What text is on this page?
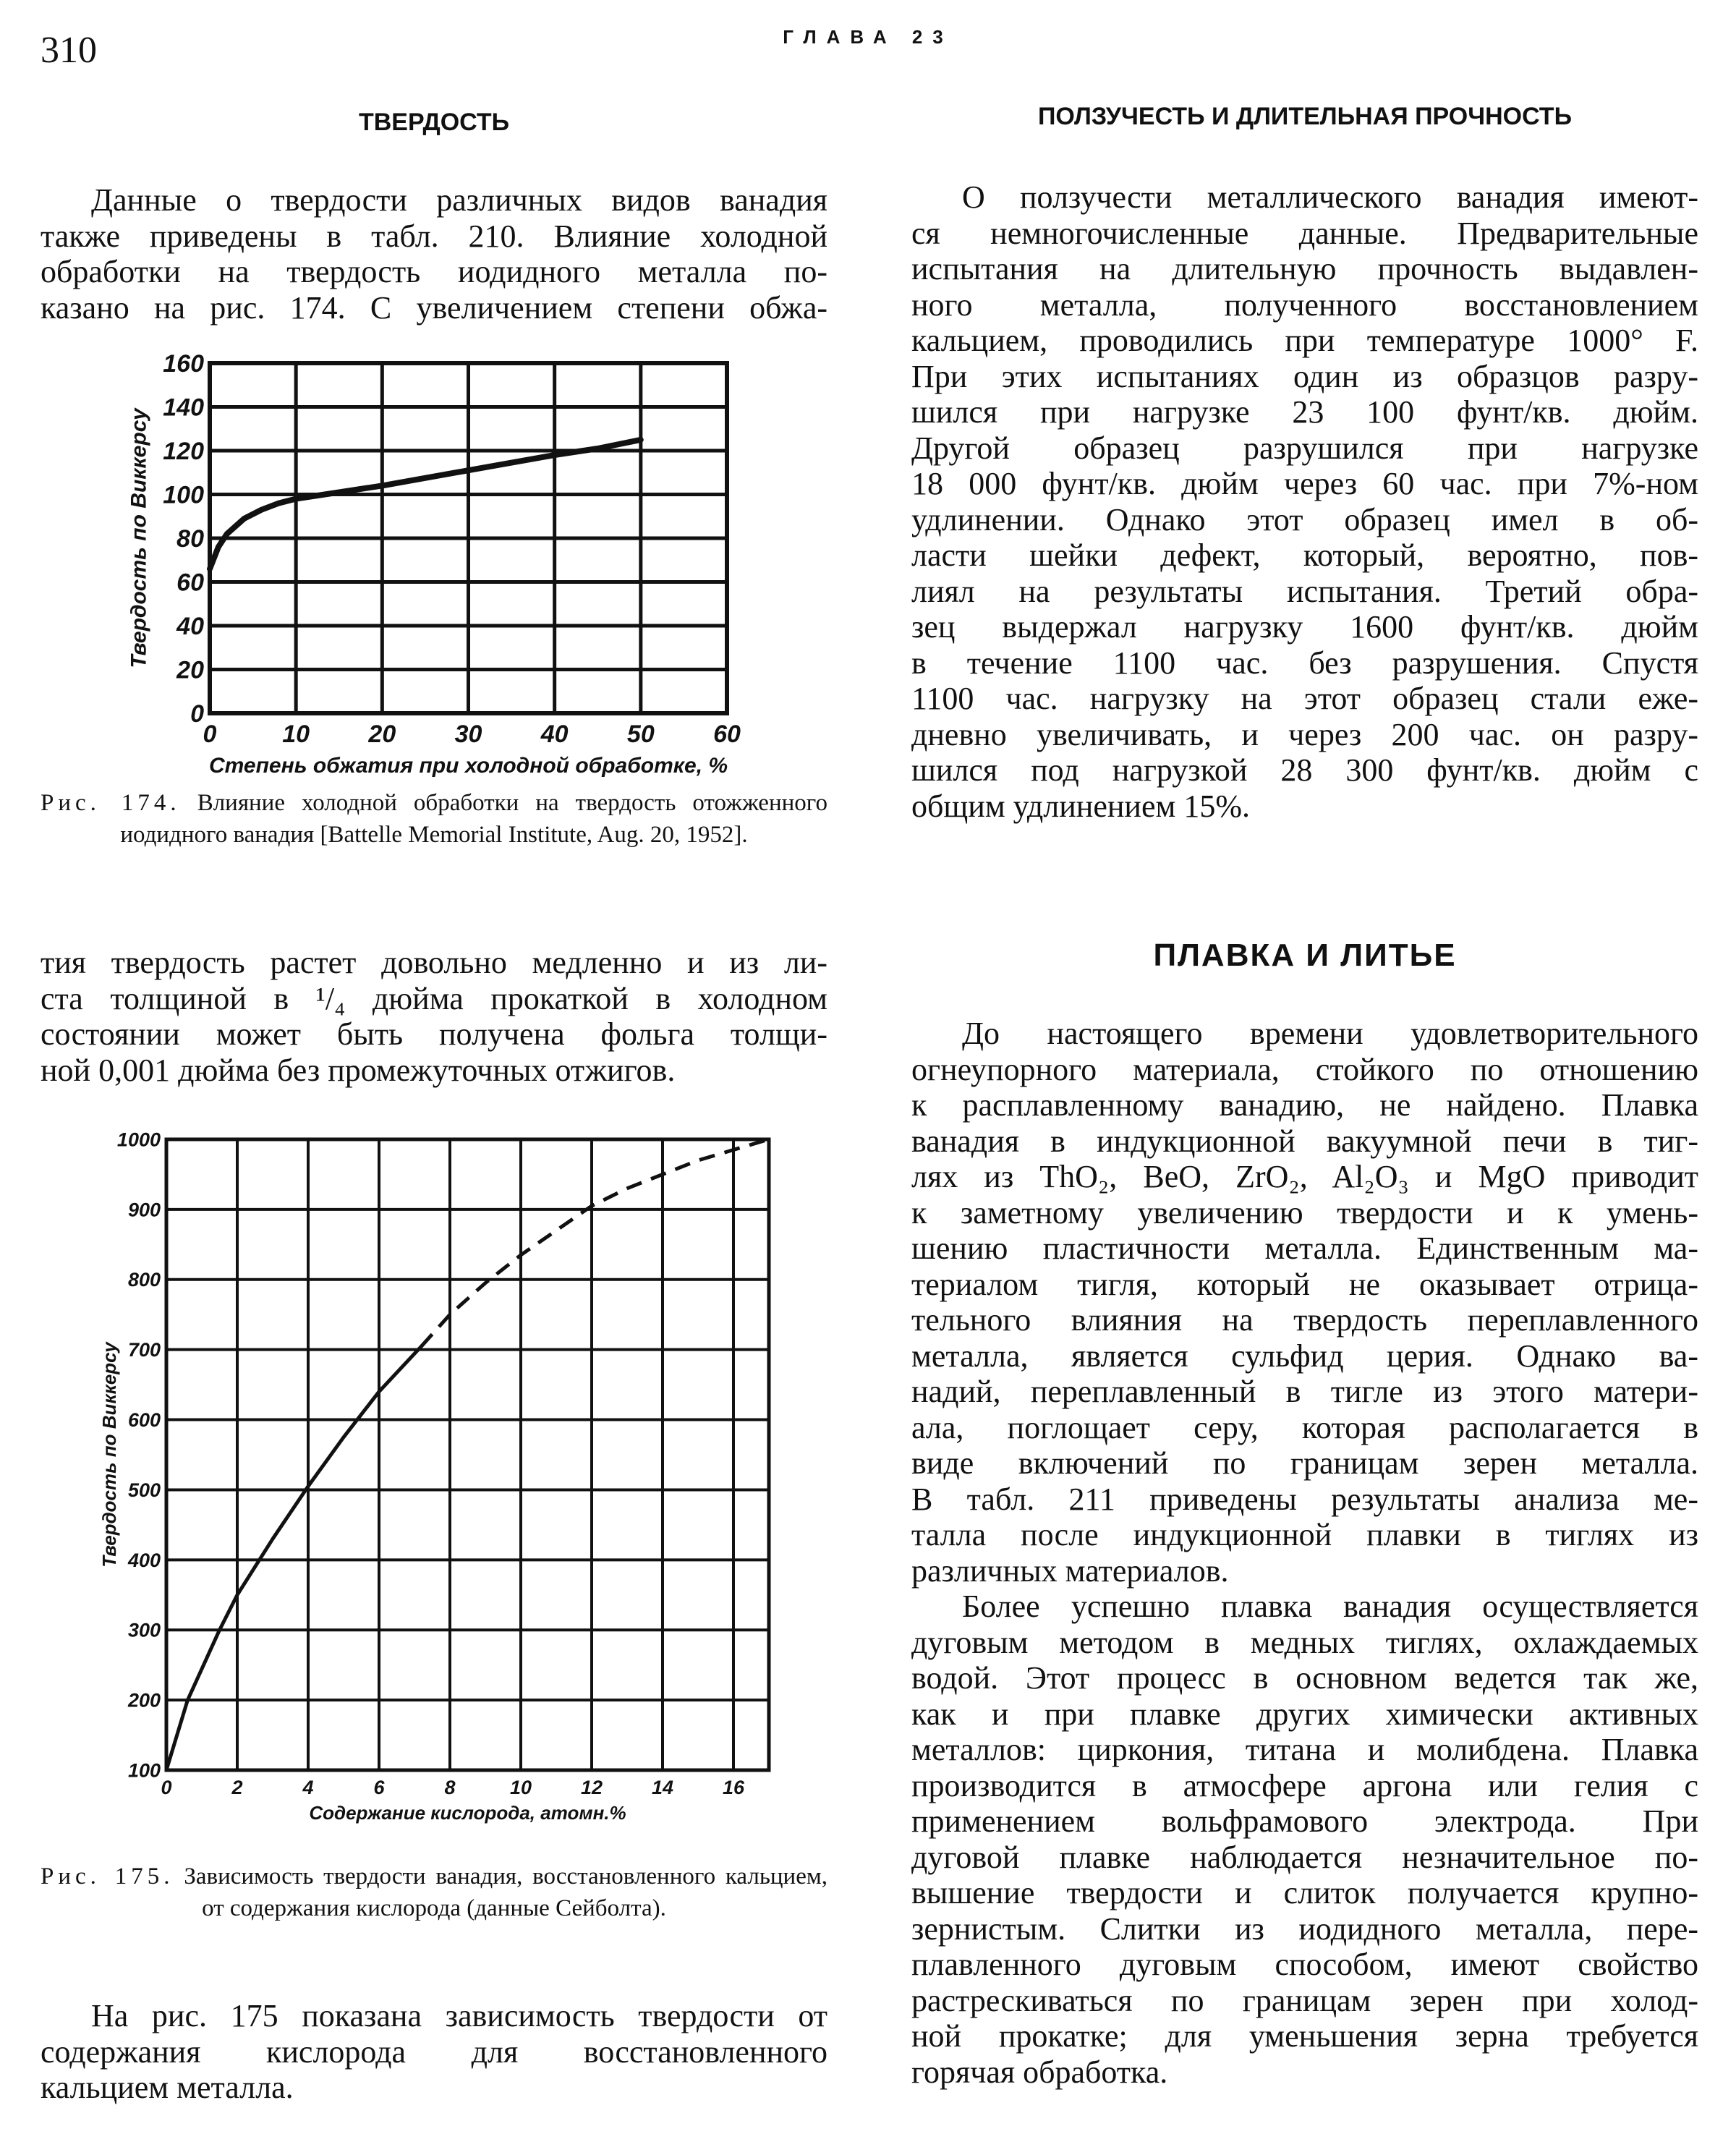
310	ГЛАВА 23
ТВЕРДОСТЬ
Данные о твердости различных видов ванадия
также приведены в табл. 210. Влияние холодной
обработки на твердость иодидного металла по-
казано на рис. 174. С увеличением степени обжа-
0
20
40
60
80
100
120
140
160
0	10 20 30 40 50 60
Степень обжатия при холодной обработке, %
Твердость по Виккерсу
Рис. 174. Влияние холодной обработки на твердость отожженного иодидного ванадия [Battelle Memorial Institute, Aug. 20, 1952].
тия твердость растет довольно медленно и из ли-
ста толщиной в ¹/₄ дюйма прокаткой в холодном
состоянии может быть получена фольга толщи-
ной 0,001 дюйма без промежуточных отжигов.
100
200
300
400
500
600
700
800
900
1000
0	2	4	6	8	10	12	14	16
Содержание кислорода, атомн.%
Твердость по Виккерсу
Рис. 175. Зависимость твердости ванадия, восстановленного кальцием, от содержания кислорода (данные Сейболта).
На рис. 175 показана зависимость твердости от
содержания кислорода для восстановленного
кальцием металла.
ПОЛЗУЧЕСТЬ И ДЛИТЕЛЬНАЯ ПРОЧНОСТЬ
О ползучести металлического ванадия имеют-
ся немногочисленные данные. Предварительные
испытания на длительную прочность выдавлен-
ного металла, полученного восстановлением
кальцием, проводились при температуре 1000° F.
При этих испытаниях один из образцов разру-
шился при нагрузке 23 100 фунт/кв. дюйм.
Другой образец разрушился при нагрузке
18 000 фунт/кв. дюйм через 60 час. при 7%-ном
удлинении. Однако этот образец имел в об-
ласти шейки дефект, который, вероятно, пов-
лиял на результаты испытания. Третий обра-
зец выдержал нагрузку 1600 фунт/кв. дюйм
в течение 1100 час. без разрушения. Спустя
1100 час. нагрузку на этот образец стали еже-
дневно увеличивать, и через 200 час. он разру-
шился под нагрузкой 28 300 фунт/кв. дюйм с
общим удлинением 15%.
ПЛАВКА И ЛИТЬЕ
До настоящего времени удовлетворительного
огнеупорного материала, стойкого по отношению
к расплавленному ванадию, не найдено. Плавка
ванадия в индукционной вакуумной печи в тиг-
лях из ThO₂, BeO, ZrO₂, Al₂O₃ и MgO приводит
к заметному увеличению твердости и к умень-
шению пластичности металла. Единственным ма-
териалом тигля, который не оказывает отрица-
тельного влияния на твердость переплавленного
металла, является сульфид церия. Однако ва-
надий, переплавленный в тигле из этого матери-
ала, поглощает серу, которая располагается в
виде включений по границам зерен металла.
В табл. 211 приведены результаты анализа ме-
талла после индукционной плавки в тиглях из
различных материалов.
Более успешно плавка ванадия осуществляется
дуговым методом в медных тиглях, охлаждаемых
водой. Этот процесс в основном ведется так же,
как и при плавке других химически активных
металлов: циркония, титана и молибдена. Плавка
производится в атмосфере аргона или гелия с
применением вольфрамового электрода. При
дуговой плавке наблюдается незначительное по-
вышение твердости и слиток получается крупно-
зернистым. Слитки из иодидного металла, пере-
плавленного дуговым способом, имеют свойство
растрескиваться по границам зерен при холод-
ной прокатке; для уменьшения зерна требуется
горячая обработка.
